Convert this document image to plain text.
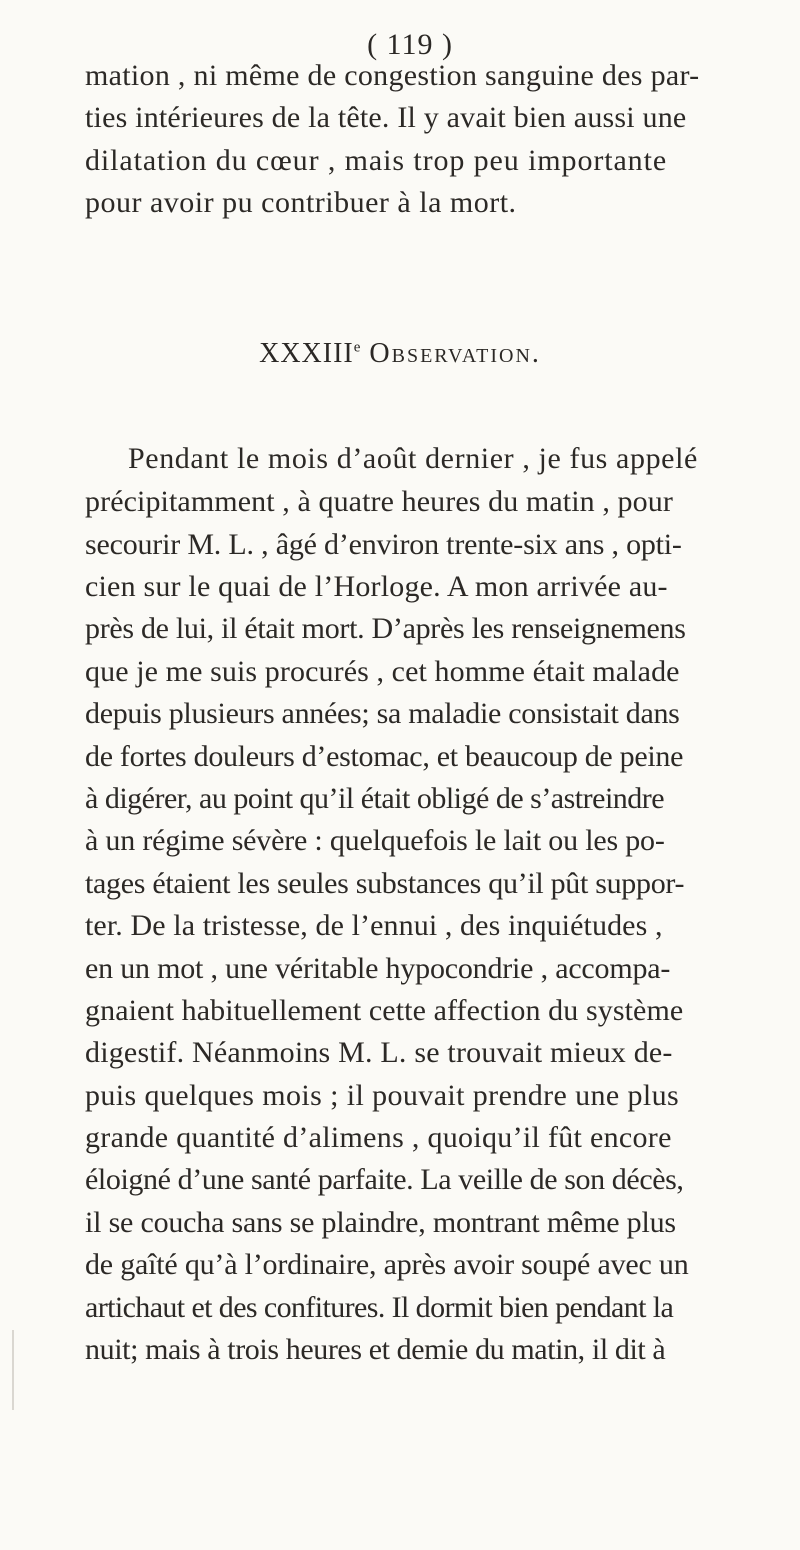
( 119 )
mation , ni même de congestion sanguine des par-
ties intérieures de la tête. Il y avait bien aussi une
dilatation du cœur , mais trop peu importante
pour avoir pu contribuer à la mort.
XXXIIIe Observation.
Pendant le mois d’août dernier , je fus appelé
précipitamment , à quatre heures du matin , pour
secourir M. L. , âgé d’environ trente-six ans , opti-
cien sur le quai de l’Horloge. A mon arrivée au-
près de lui, il était mort. D’après les renseignemens
que je me suis procurés , cet homme était malade
depuis plusieurs années; sa maladie consistait dans
de fortes douleurs d’estomac, et beaucoup de peine
à digérer, au point qu’il était obligé de s’astreindre
à un régime sévère : quelquefois le lait ou les po-
tages étaient les seules substances qu’il pût suppor-
ter. De la tristesse, de l’ennui , des inquiétudes ,
en un mot , une véritable hypocondrie , accompa-
gnaient habituellement cette affection du système
digestif. Néanmoins M. L. se trouvait mieux de-
puis quelques mois ; il pouvait prendre une plus
grande quantité d’alimens , quoiqu’il fût encore
éloigné d’une santé parfaite. La veille de son décès,
il se coucha sans se plaindre, montrant même plus
de gaîté qu’à l’ordinaire, après avoir soupé avec un
artichaut et des confitures. Il dormit bien pendant la
nuit; mais à trois heures et demie du matin, il dit à
